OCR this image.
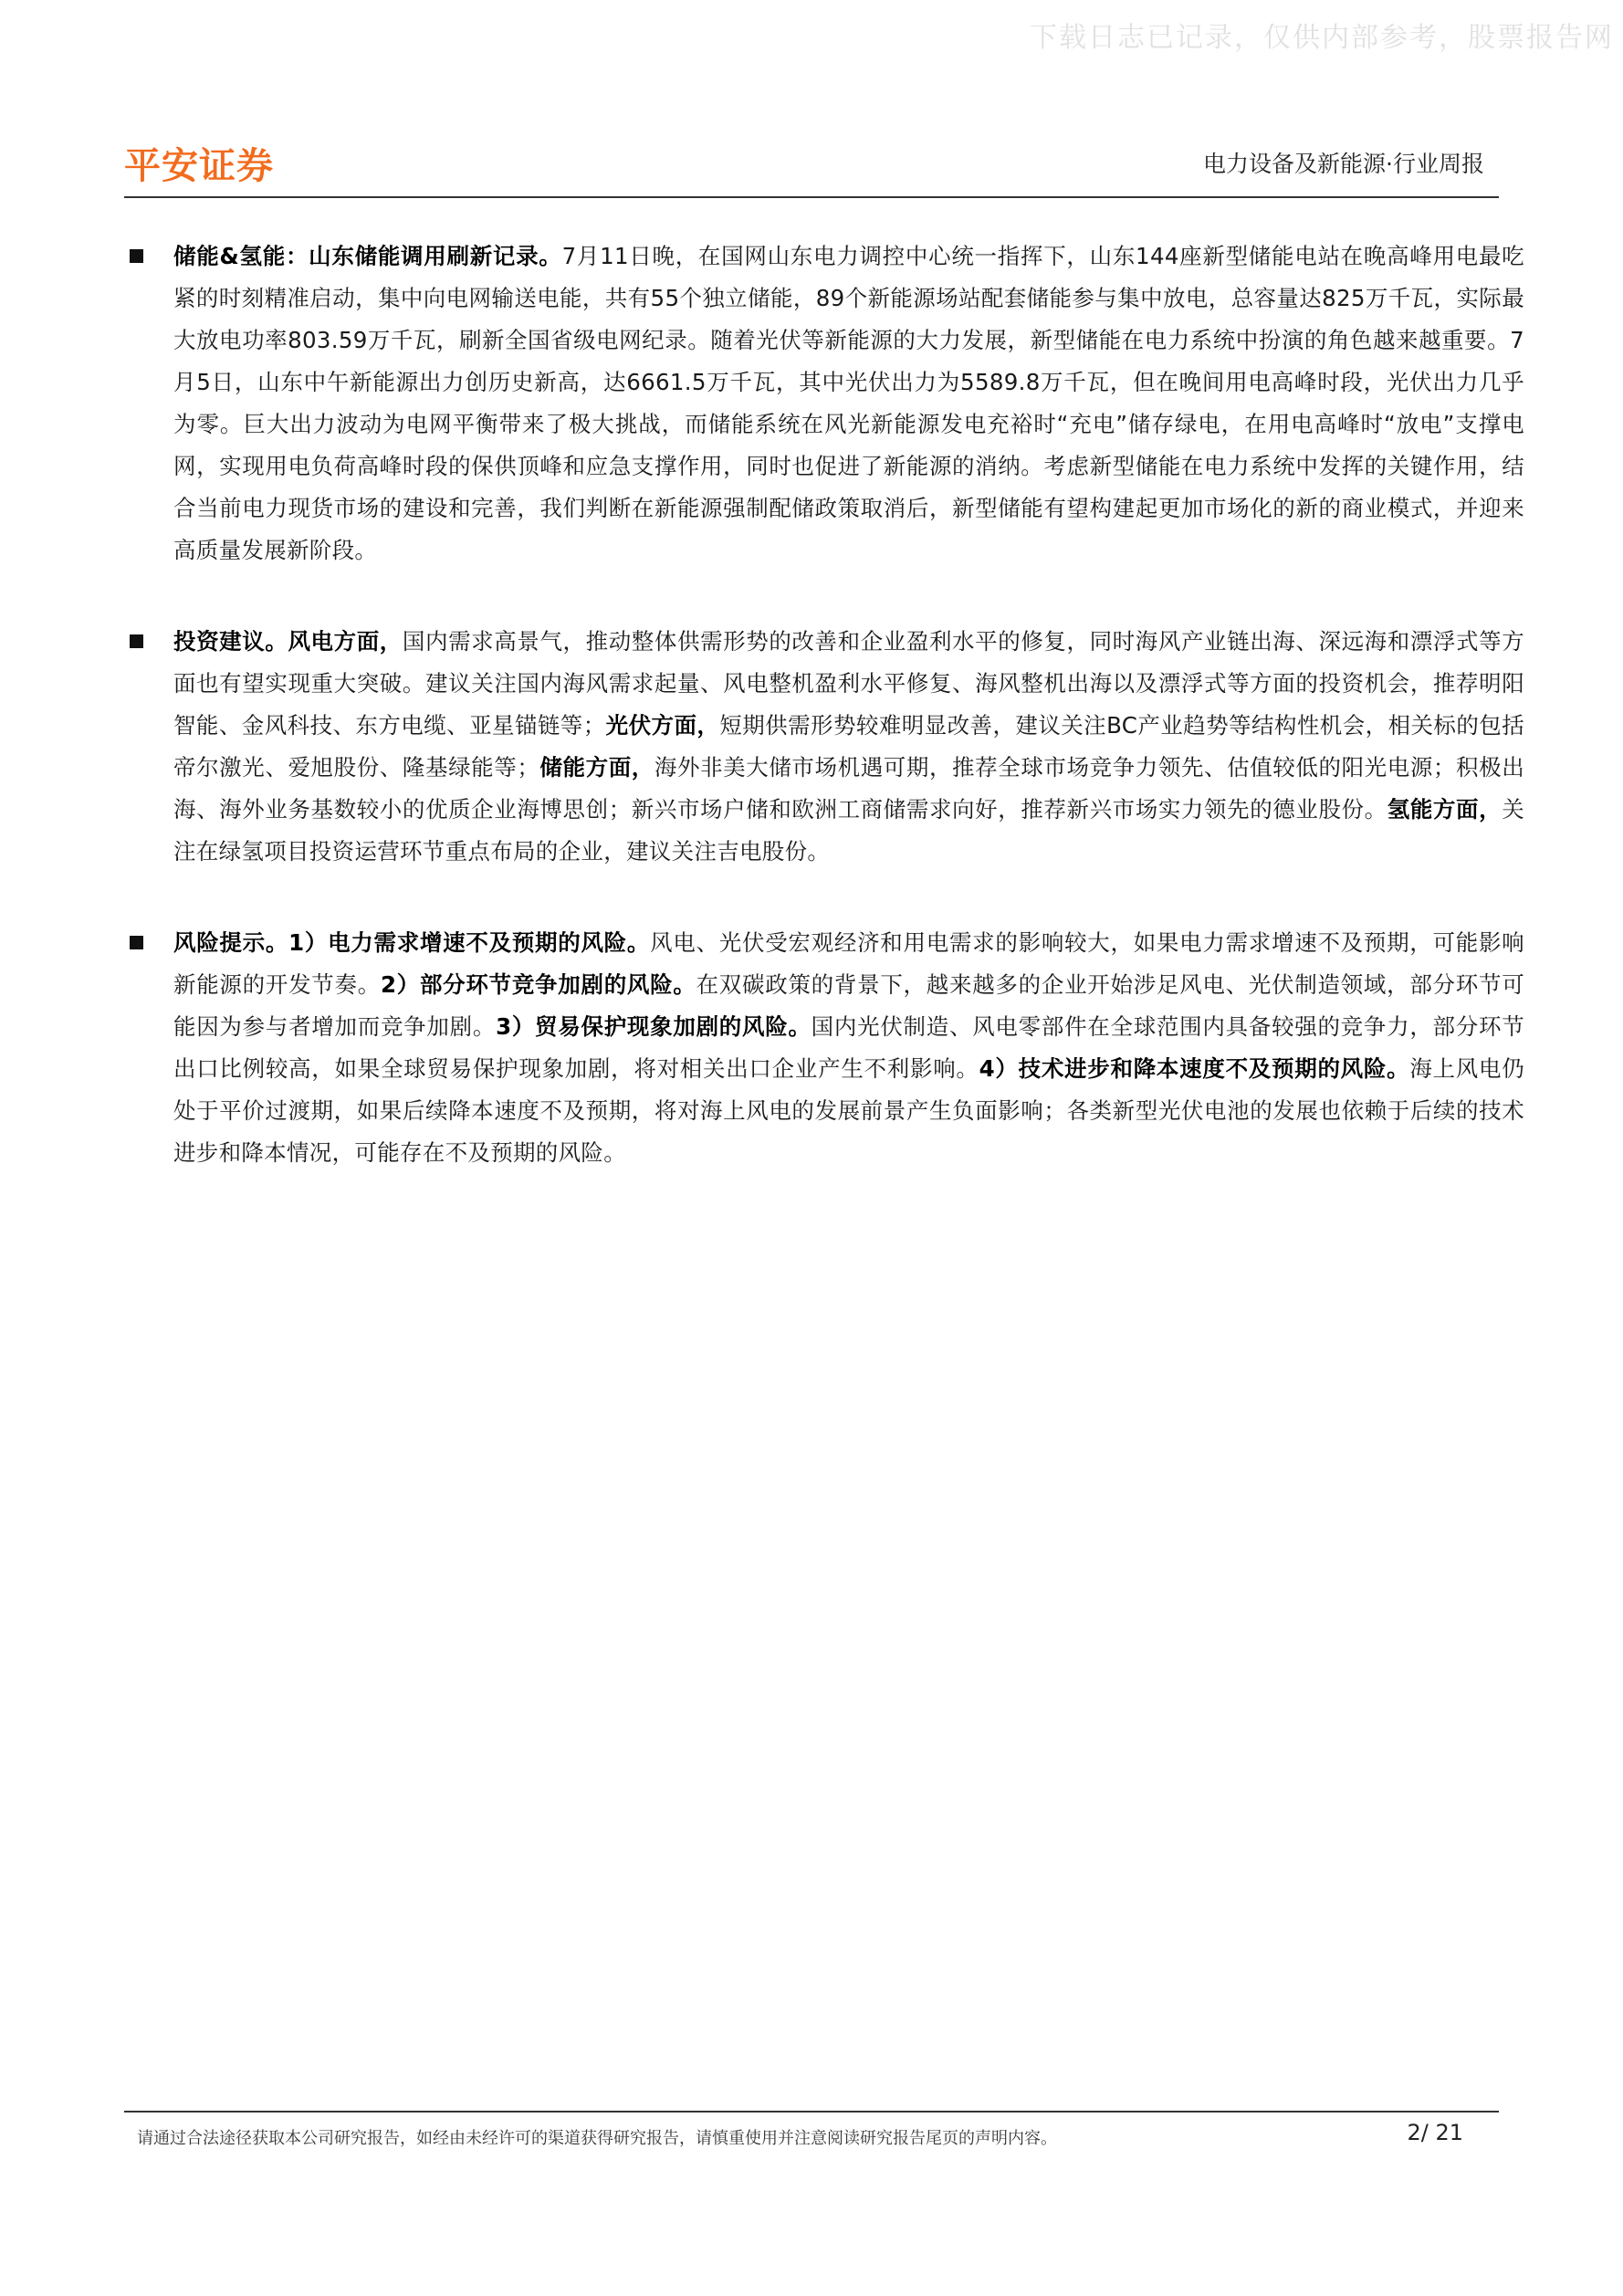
下载日志已记录，仅供内部参考，股票报告网
平安证券	电力设备及新能源·行业周报
储能&氢能：山东储能调用刷新记录。7月11日晚，在国网山东电力调控中心统一指挥下，山东144座新型储能电站在晚高峰用电最吃紧的时刻精准启动，集中向电网输送电能，共有55个独立储能，89个新能源场站配套储能参与集中放电，总容量达825万千瓦，实际最大放电功率803.59万千瓦，刷新全国省级电网纪录。随着光伏等新能源的大力发展，新型储能在电力系统中扮演的角色越来越重要。7月5日，山东中午新能源出力创历史新高，达6661.5万千瓦，其中光伏出力为5589.8万千瓦，但在晚间用电高峰时段，光伏出力几乎为零。巨大出力波动为电网平衡带来了极大挑战，而储能系统在风光新能源发电充裕时“充电”储存绿电，在用电高峰时“放电”支撑电网，实现用电负荷高峰时段的保供顶峰和应急支撑作用，同时也促进了新能源的消纳。考虑新型储能在电力系统中发挥的关键作用，结合当前电力现货市场的建设和完善，我们判断在新能源强制配储政策取消后，新型储能有望构建起更加市场化的新的商业模式，并迎来高质量发展新阶段。
投资建议。风电方面，国内需求高景气，推动整体供需形势的改善和企业盈利水平的修复，同时海风产业链出海、深远海和漂浮式等方面也有望实现重大突破。建议关注国内海风需求起量、风电整机盈利水平修复、海风整机出海以及漂浮式等方面的投资机会，推荐明阳智能、金风科技、东方电缆、亚星锚链等；光伏方面，短期供需形势较难明显改善，建议关注BC产业趋势等结构性机会，相关标的包括帝尔激光、爱旭股份、隆基绿能等；储能方面，海外非美大储市场机遇可期，推荐全球市场竞争力领先、估值较低的阳光电源；积极出海、海外业务基数较小的优质企业海博思创；新兴市场户储和欧洲工商储需求向好，推荐新兴市场实力领先的德业股份。氢能方面，关注在绿氢项目投资运营环节重点布局的企业，建议关注吉电股份。
风险提示。1）电力需求增速不及预期的风险。风电、光伏受宏观经济和用电需求的影响较大，如果电力需求增速不及预期，可能影响新能源的开发节奏。2）部分环节竞争加剧的风险。在双碳政策的背景下，越来越多的企业开始涉足风电、光伏制造领域，部分环节可能因为参与者增加而竞争加剧。3）贸易保护现象加剧的风险。国内光伏制造、风电零部件在全球范围内具备较强的竞争力，部分环节出口比例较高，如果全球贸易保护现象加剧，将对相关出口企业产生不利影响。4）技术进步和降本速度不及预期的风险。海上风电仍处于平价过渡期，如果后续降本速度不及预期，将对海上风电的发展前景产生负面影响；各类新型光伏电池的发展也依赖于后续的技术进步和降本情况，可能存在不及预期的风险。
请通过合法途径获取本公司研究报告，如经由未经许可的渠道获得研究报告，请慎重使用并注意阅读研究报告尾页的声明内容。	2/ 21
